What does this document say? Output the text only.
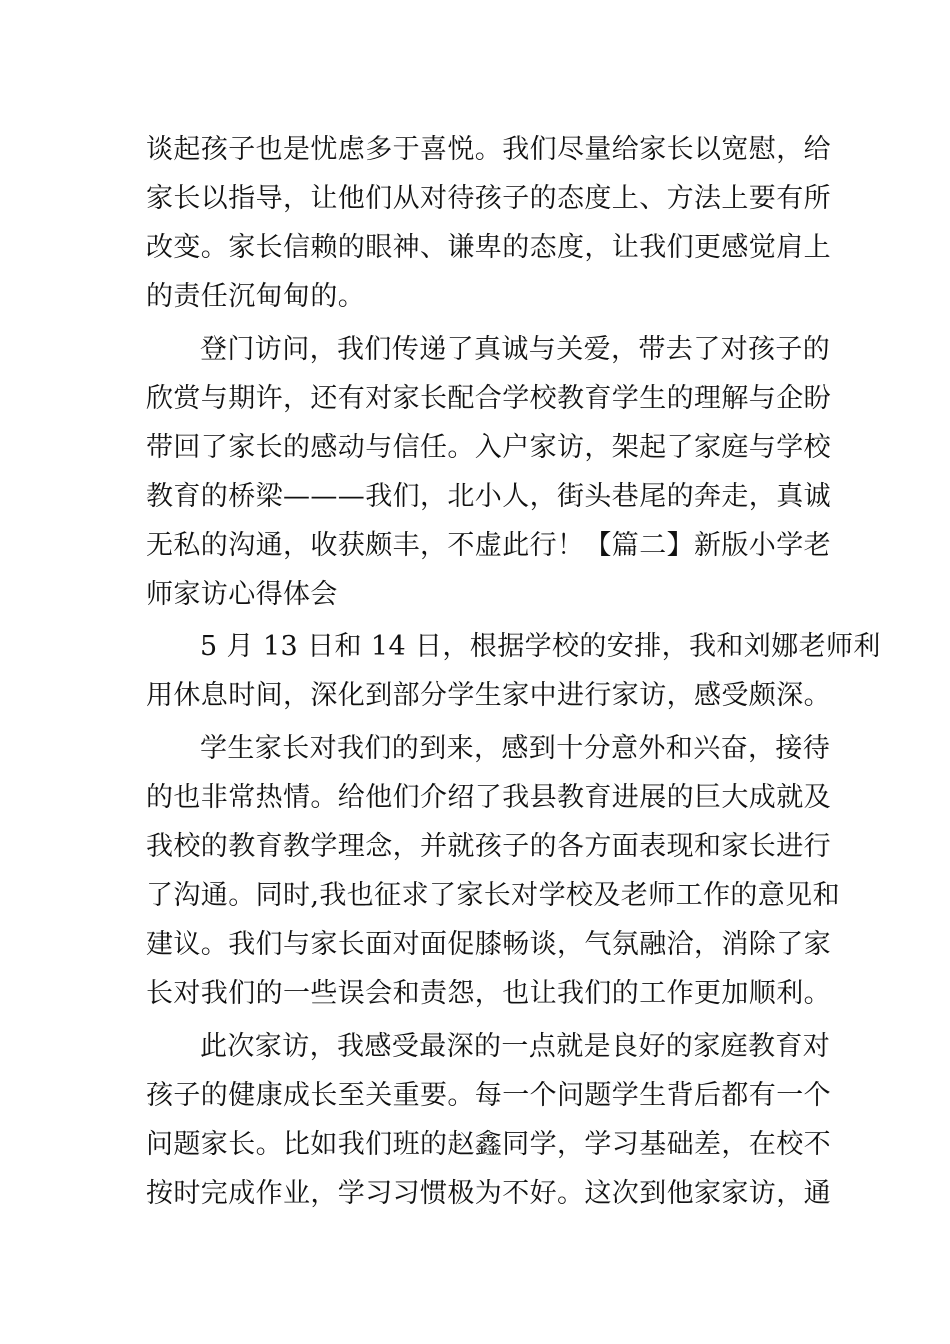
谈起孩子也是忧虑多于喜悦。我们尽量给家长以宽慰，给
家长以指导，让他们从对待孩子的态度上、方法上要有所
改变。家长信赖的眼神、谦卑的态度，让我们更感觉肩上
的责任沉甸甸的。
登门访问，我们传递了真诚与关爱，带去了对孩子的
欣赏与期许，还有对家长配合学校教育学生的理解与企盼
带回了家长的感动与信任。入户家访，架起了家庭与学校
教育的桥梁———我们，北小人，街头巷尾的奔走，真诚
无私的沟通，收获颇丰，不虚此行！【篇二】新版小学老
师家访心得体会
5 月 13 日和 14 日，根据学校的安排，我和刘娜老师利
用休息时间，深化到部分学生家中进行家访，感受颇深。
学生家长对我们的到来，感到十分意外和兴奋，接待
的也非常热情。给他们介绍了我县教育进展的巨大成就及
我校的教育教学理念，并就孩子的各方面表现和家长进行
了沟通。同时,我也征求了家长对学校及老师工作的意见和
建议。我们与家长面对面促膝畅谈，气氛融洽，消除了家
长对我们的一些误会和责怨，也让我们的工作更加顺利。
此次家访，我感受最深的一点就是良好的家庭教育对
孩子的健康成长至关重要。每一个问题学生背后都有一个
问题家长。比如我们班的赵鑫同学，学习基础差，在校不
按时完成作业，学习习惯极为不好。这次到他家家访，通
